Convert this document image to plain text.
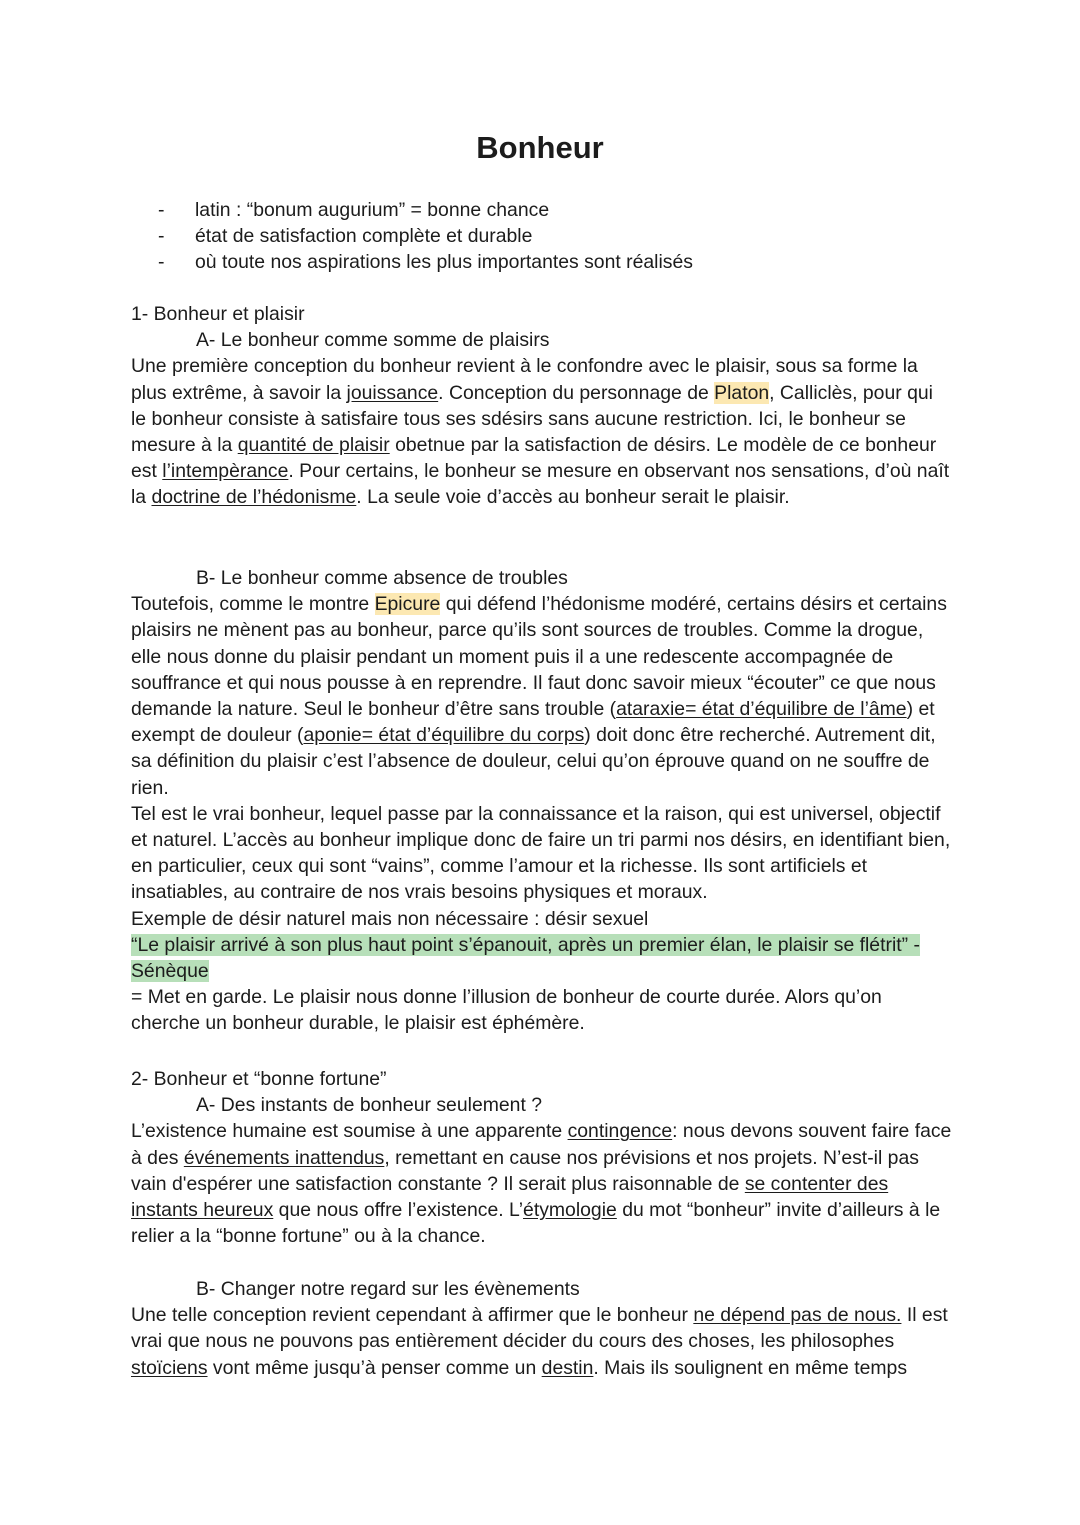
Bonheur
- latin : “bonum augurium” = bonne chance
- état de satisfaction complète et durable
- où toute nos aspirations les plus importantes sont réalisés

1- Bonheur et plaisir

A- Le bonheur comme somme de plaisirs

Une première conception du bonheur revient à le confondre avec le plaisir, sous sa forme la plus extrême, à savoir la jouissance. Conception du personnage de Platon, Calliclès, pour qui le bonheur consiste à satisfaire tous ses sdésirs sans aucune restriction. Ici, le bonheur se mesure à la quantité de plaisir obetnue par la satisfaction de désirs. Le modèle de ce bonheur est l’intempèrance. Pour certains, le bonheur se mesure en observant nos sensations, d’où naît la doctrine de l’hédonisme. La seule voie d’accès au bonheur serait le plaisir.

B- Le bonheur comme absence de troubles

Toutefois, comme le montre Epicure qui défend l’hédonisme modéré, certains désirs et certains plaisirs ne mènent pas au bonheur, parce qu’ils sont sources de troubles. Comme la drogue, elle nous donne du plaisir pendant un moment puis il a une redescente accompagnée de souffrance et qui nous pousse à en reprendre. Il faut donc savoir mieux “écouter” ce que nous demande la nature. Seul le bonheur d’être sans trouble (ataraxie= état d’équilibre de l’âme) et exempt de douleur (aponie= état d’équilibre du corps) doit donc être recherché. Autrement dit, sa définition du plaisir c’est l’absence de douleur, celui qu’on éprouve quand on ne souffre de rien.

Tel est le vrai bonheur, lequel passe par la connaissance et la raison, qui est universel, objectif et naturel. L’accès au bonheur implique donc de faire un tri parmi nos désirs, en identifiant bien, en particulier, ceux qui sont “vains”, comme l’amour et la richesse. Ils sont artificiels et insatiables, au contraire de nos vrais besoins physiques et moraux.

Exemple de désir naturel mais non nécessaire : désir sexuel

“Le plaisir arrivé à son plus haut point s’épanouit, après un premier élan, le plaisir se flétrit” - Sénèque

= Met en garde. Le plaisir nous donne l’illusion de bonheur de courte durée. Alors qu’on cherche un bonheur durable, le plaisir est éphémère.

2- Bonheur et “bonne fortune”

A- Des instants de bonheur seulement ?

L’existence humaine est soumise à une apparente contingence: nous devons souvent faire face à des événements inattendus, remettant en cause nos prévisions et nos projets. N’est-il pas vain d'espérer une satisfaction constante ? Il serait plus raisonnable de se contenter des instants heureux que nous offre l’existence. L’étymologie du mot “bonheur” invite d’ailleurs à le relier a la “bonne fortune” ou à la chance.

B- Changer notre regard sur les évènements

Une telle conception revient cependant à affirmer que le bonheur ne dépend pas de nous. Il est vrai que nous ne pouvons pas entièrement décider du cours des choses, les philosophes stoïciens vont même jusqu’à penser comme un destin. Mais ils soulignent en même temps
